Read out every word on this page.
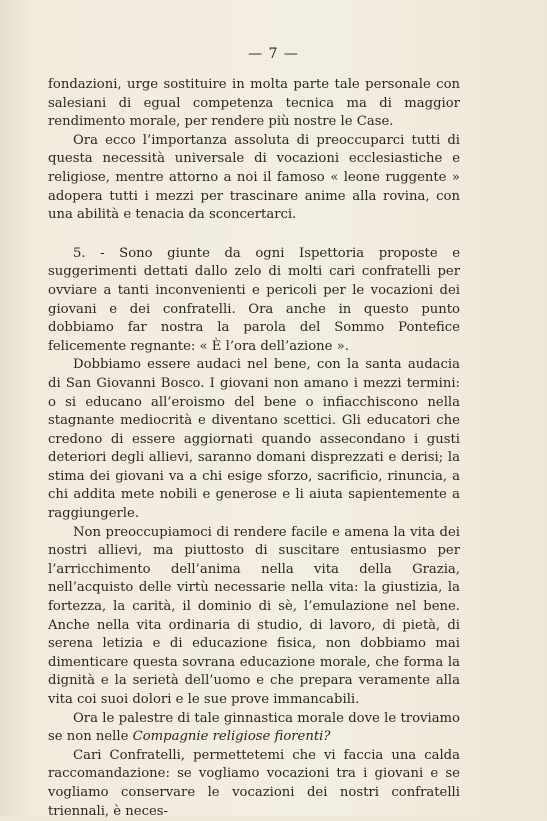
— 7 —

fondazioni, urge sostituire in molta parte tale personale con salesiani di egual competenza tecnica ma di maggior rendimento morale, per rendere più nostre le Case.

Ora ecco l’importanza assoluta di preoccuparci tutti di questa necessità universale di vocazioni ecclesiastiche e religiose, mentre attorno a noi il famoso « leone ruggente » adopera tutti i mezzi per trascinare anime alla rovina, con una abilità e tenacia da sconcertarci.

5. - Sono giunte da ogni Ispettoria proposte e suggerimenti dettati dallo zelo di molti cari confratelli per ovviare a tanti inconvenienti e pericoli per le vocazioni dei giovani e dei confratelli. Ora anche in questo punto dobbiamo far nostra la parola del Sommo Pontefice felicemente regnante: « È l’ora dell’azione ».

Dobbiamo essere audaci nel bene, con la santa audacia di San Giovanni Bosco. I giovani non amano i mezzi termini: o si educano all’eroismo del bene o infiacchiscono nella stagnante mediocrità e diventano scettici. Gli educatori che credono di essere aggiornati quando assecondano i gusti deteriori degli allievi, saranno domani disprezzati e derisi; la stima dei giovani va a chi esige sforzo, sacrificio, rinuncia, a chi addita mete nobili e generose e li aiuta sapientemente a raggiungerle.

Non preoccupiamoci di rendere facile e amena la vita dei nostri allievi, ma piuttosto di suscitare entusiasmo per l’arricchimento dell’anima nella vita della Grazia, nell’acquisto delle virtù necessarie nella vita: la giustizia, la fortezza, la carità, il dominio di sè, l’emulazione nel bene. Anche nella vita ordinaria di studio, di lavoro, di pietà, di serena letizia e di educazione fisica, non dobbiamo mai dimenticare questa sovrana educazione morale, che forma la dignità e la serietà dell’uomo e che prepara veramente alla vita coi suoi dolori e le sue prove immancabili.

Ora le palestre di tale ginnastica morale dove le troviamo se non nelle Compagnie religiose fiorenti?

Cari Confratelli, permettetemi che vi faccia una calda raccomandazione: se vogliamo vocazioni tra i giovani e se vogliamo conservare le vocazioni dei nostri confratelli triennali, è neces-
